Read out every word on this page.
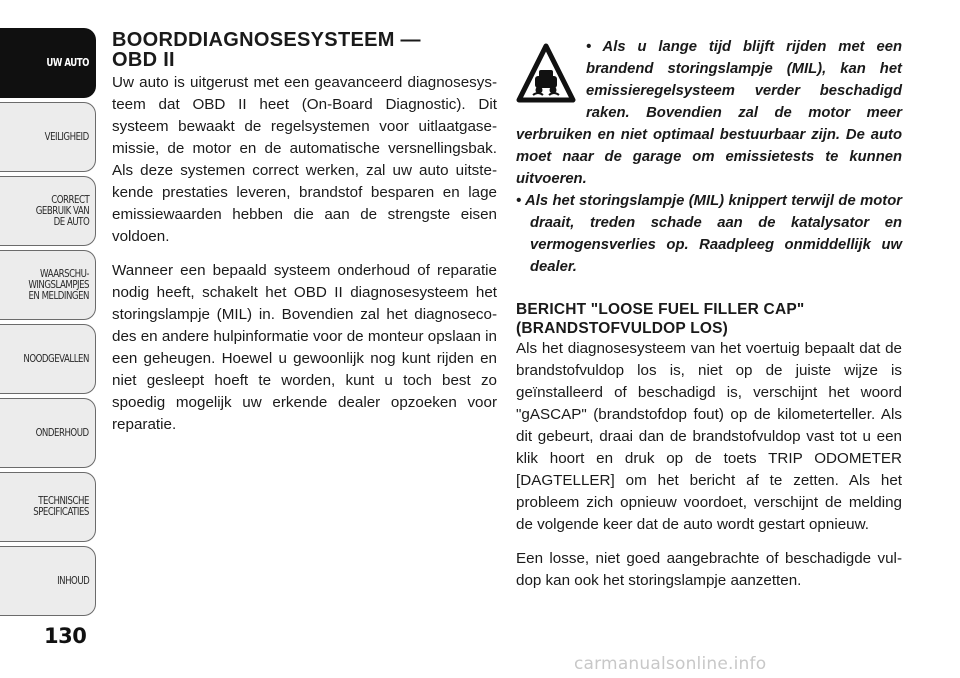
UW AUTO
VEILIGHEID
CORRECT
GEBRUIK VAN
DE AUTO
WAARSCHU-
WINGSLAMPJES
EN MELDINGEN
NOODGEVALLEN
ONDERHOUD
TECHNISCHE
SPECIFICATIES
INHOUD
130
BOORDDIAGNOSESYSTEEM —
OBD II

Uw auto is uitgerust met een geavanceerd diagnosesysteem dat OBD II heet (On-Board Diagnostic). Dit systeem bewaakt de regelsystemen voor uitlaatgasemissie, de motor en de automatische versnellingsbak. Als deze systemen correct werken, zal uw auto uitstekende prestaties leveren, brandstof besparen en lage emissiewaarden hebben die aan de strengste eisen voldoen.

Wanneer een bepaald systeem onderhoud of reparatie nodig heeft, schakelt het OBD II diagnosesysteem het storingslampje (MIL) in. Bovendien zal het diagnosecodes en andere hulpinformatie voor de monteur opslaan in een geheugen. Hoewel u gewoonlijk nog kunt rijden en niet gesleept hoeft te worden, kunt u toch best zo spoedig mogelijk uw erkende dealer opzoeken voor reparatie.

• Als u lange tijd blijft rijden met een brandend storingslampje (MIL), kan het emissieregelsysteem verder beschadigd raken. Bovendien zal de motor meer verbruiken en niet optimaal bestuurbaar zijn. De auto moet naar de garage om emissietests te kunnen uitvoeren.

• Als het storingslampje (MIL) knippert terwijl de motor draait, treden schade aan de katalysator en vermogensverlies op. Raadpleeg onmiddellijk uw dealer.

BERICHT "LOOSE FUEL FILLER CAP"
(BRANDSTOFVULDOP LOS)

Als het diagnosesysteem van het voertuig bepaalt dat de brandstofvuldop los is, niet op de juiste wijze is geïnstalleerd of beschadigd is, verschijnt het woord "gASCAP" (brandstofdop fout) op de kilometerteller. Als dit gebeurt, draai dan de brandstofvuldop vast tot u een klik hoort en druk op de toets TRIP ODOMETER [DAGTELLER] om het bericht af te zetten. Als het probleem zich opnieuw voordoet, verschijnt de melding de volgende keer dat de auto wordt gestart opnieuw.

Een losse, niet goed aangebrachte of beschadigde vuldop kan ook het storingslampje aanzetten.

carmanualsonline.info
